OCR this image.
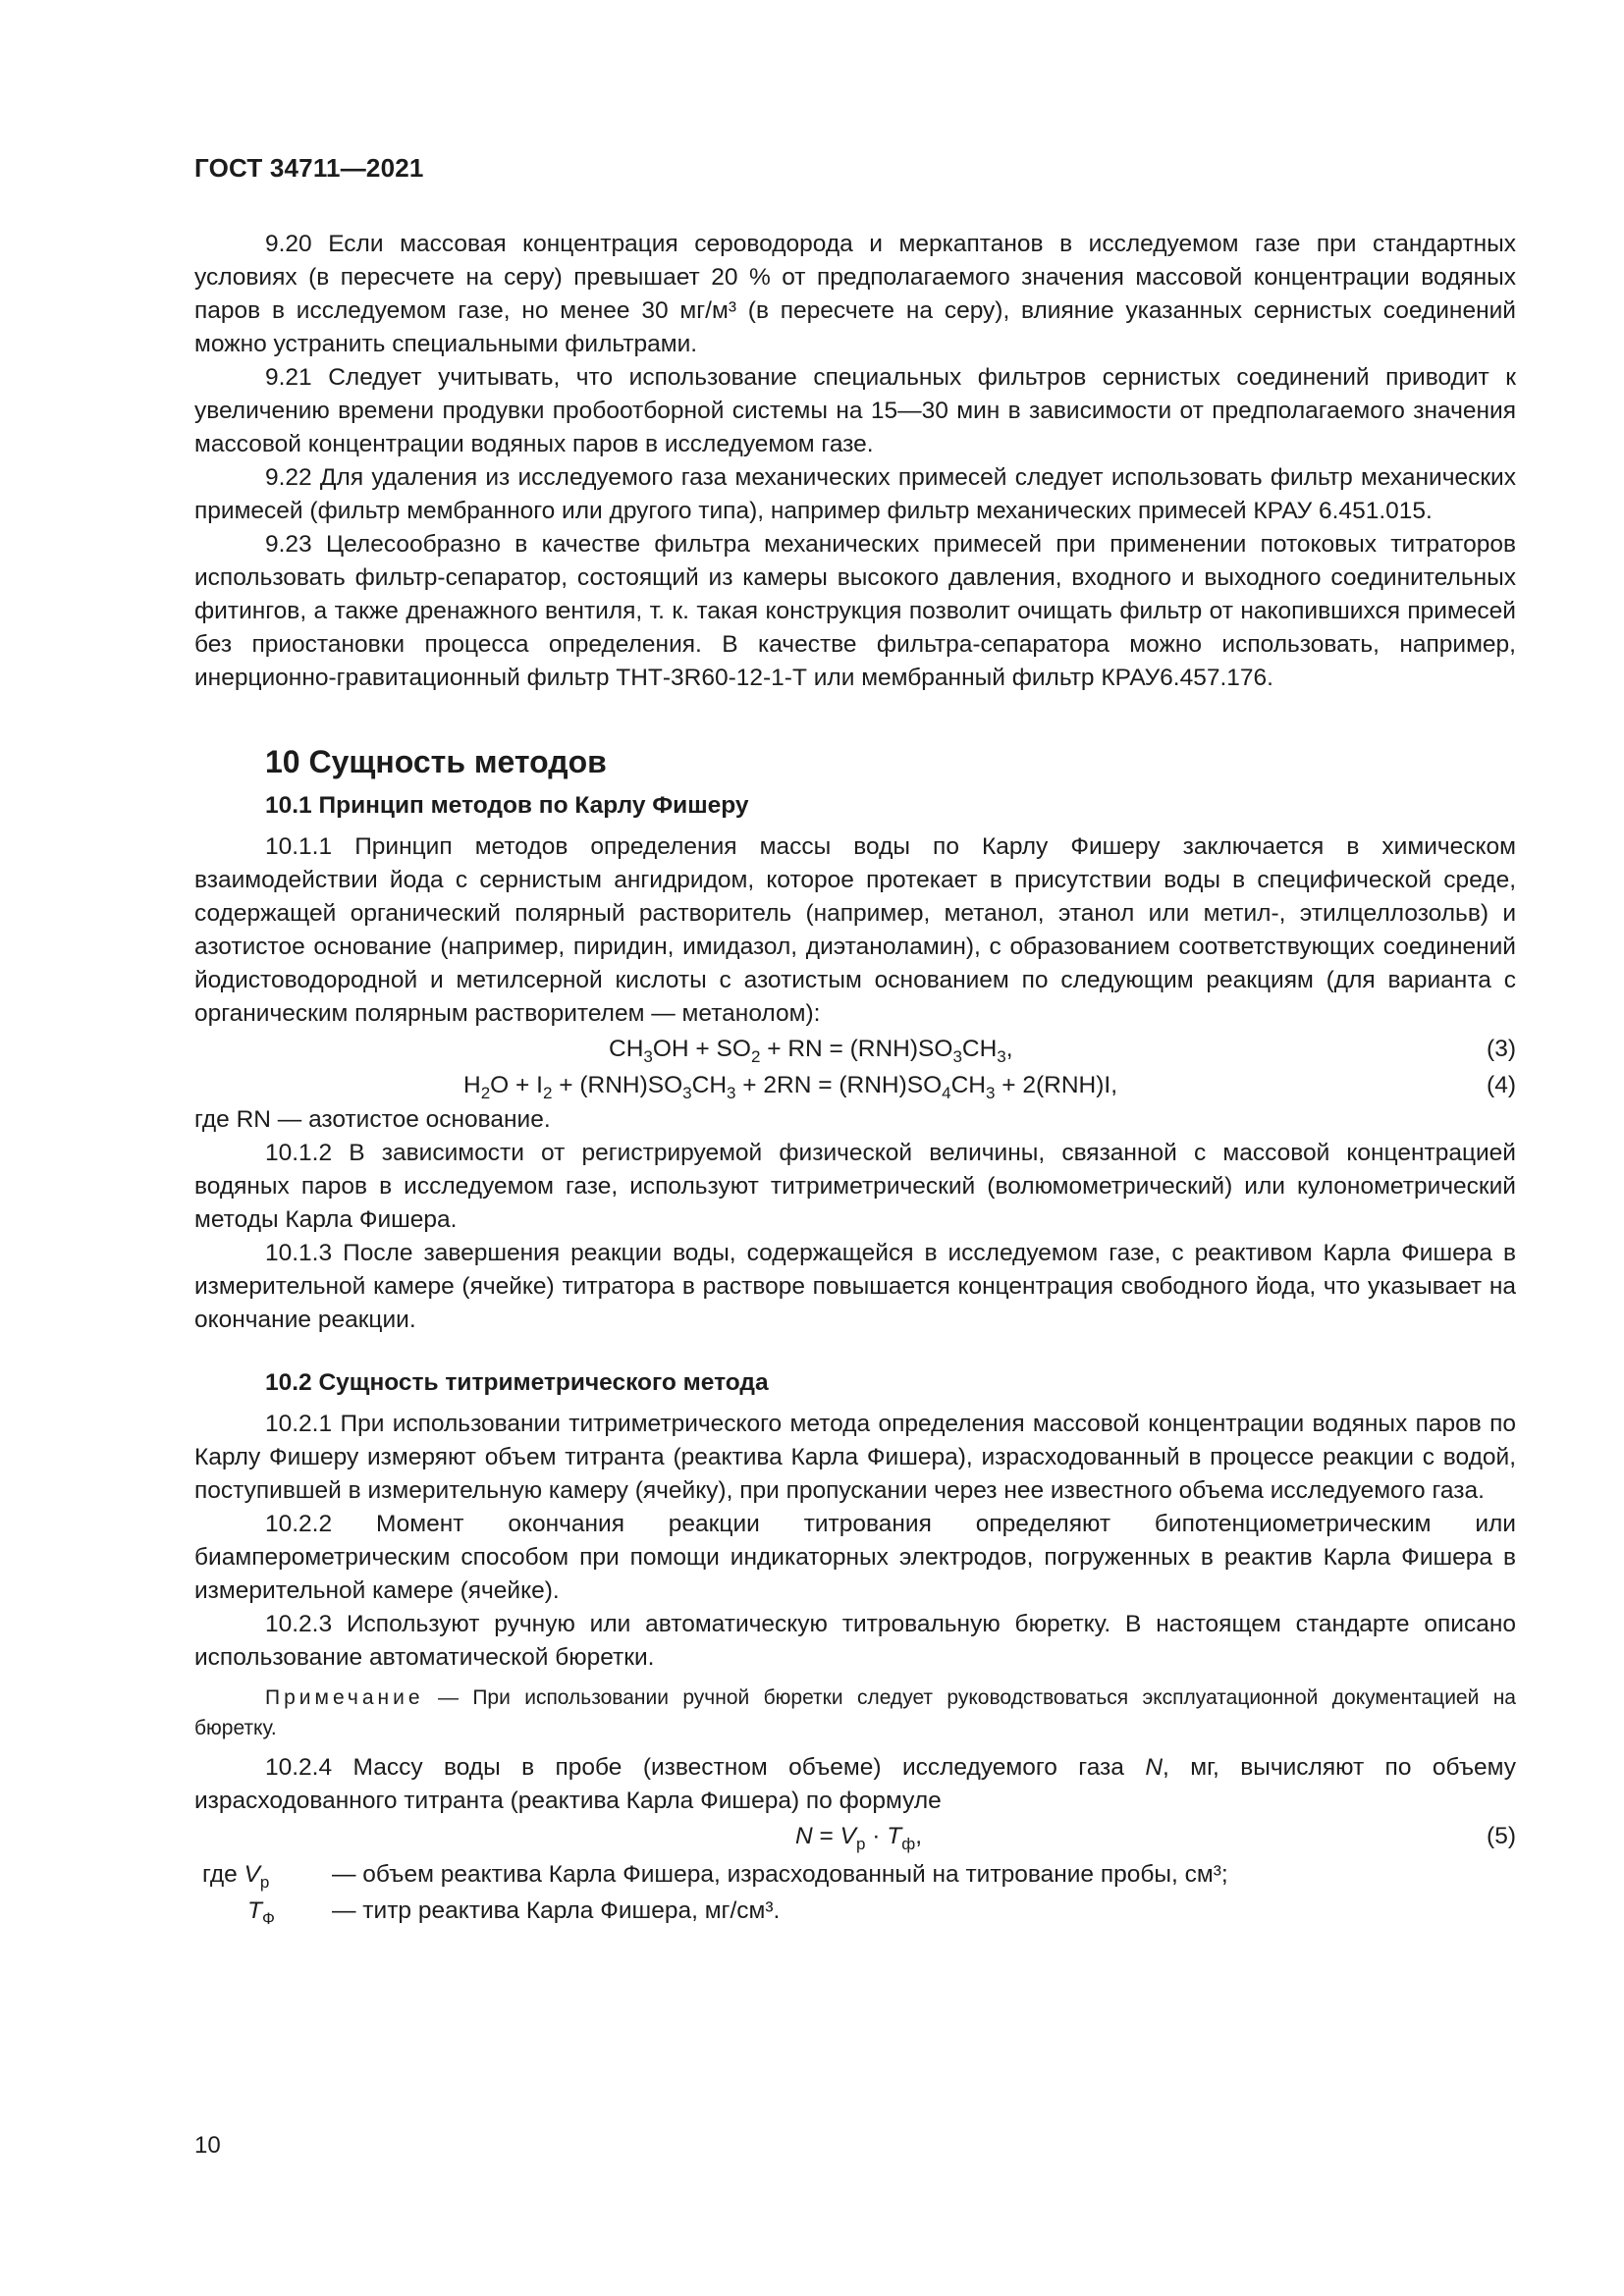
ГОСТ 34711—2021

9.20 Если массовая концентрация сероводорода и меркаптанов в исследуемом газе при стандартных условиях (в пересчете на серу) превышает 20 % от предполагаемого значения массовой концентрации водяных паров в исследуемом газе, но менее 30 мг/м³ (в пересчете на серу), влияние указанных сернистых соединений можно устранить специальными фильтрами.

9.21 Следует учитывать, что использование специальных фильтров сернистых соединений приводит к увеличению времени продувки пробоотборной системы на 15—30 мин в зависимости от предполагаемого значения массовой концентрации водяных паров в исследуемом газе.

9.22 Для удаления из исследуемого газа механических примесей следует использовать фильтр механических примесей (фильтр мембранного или другого типа), например фильтр механических примесей КРАУ 6.451.015.

9.23 Целесообразно в качестве фильтра механических примесей при применении потоковых титраторов использовать фильтр-сепаратор, состоящий из камеры высокого давления, входного и выходного соединительных фитингов, а также дренажного вентиля, т. к. такая конструкция позволит очищать фильтр от накопившихся примесей без приостановки процесса определения. В качестве фильтра-сепаратора можно использовать, например, инерционно-гравитационный фильтр ТНТ-3R60-12-1-Т или мембранный фильтр КРАУ6.457.176.

10 Сущность методов
10.1 Принцип методов по Карлу Фишеру

10.1.1 Принцип методов определения массы воды по Карлу Фишеру заключается в химическом взаимодействии йода с сернистым ангидридом, которое протекает в присутствии воды в специфической среде, содержащей органический полярный растворитель (например, метанол, этанол или метил-, этилцеллозольв) и азотистое основание (например, пиридин, имидазол, диэтаноламин), с образованием соответствующих соединений йодистоводородной и метилсерной кислоты с азотистым основанием по следующим реакциям (для варианта с органическим полярным растворителем — метанолом):

$CH_3OH + SO_2$ + RN = $(RNH)SO_3CH_3$,	(3)
$H_2O + I_2 + (RNH)SO_3CH_3 + 2RN = (RNH)SO_4CH_3 + 2(RNH)I$,	(4)

где RN — азотистое основание.

10.1.2 В зависимости от регистрируемой физической величины, связанной с массовой концентрацией водяных паров в исследуемом газе, используют титриметрический (волюмометрический) или кулонометрический методы Карла Фишера.

10.1.3 После завершения реакции воды, содержащейся в исследуемом газе, с реактивом Карла Фишера в измерительной камере (ячейке) титратора в растворе повышается концентрация свободного йода, что указывает на окончание реакции.

10.2 Сущность титриметрического метода

10.2.1 При использовании титриметрического метода определения массовой концентрации водяных паров по Карлу Фишеру измеряют объем титранта (реактива Карла Фишера), израсходованный в процессе реакции с водой, поступившей в измерительную камеру (ячейку), при пропускании через нее известного объема исследуемого газа.

10.2.2 Момент окончания реакции титрования определяют бипотенциометрическим или биамперометрическим способом при помощи индикаторных электродов, погруженных в реактив Карла Фишера в измерительной камере (ячейке).

10.2.3 Используют ручную или автоматическую титровальную бюретку. В настоящем стандарте описано использование автоматической бюретки.

Примечание — При использовании ручной бюретки следует руководствоваться эксплуатационной документацией на бюретку.

10.2.4 Массу воды в пробе (известном объеме) исследуемого газа N, мг, вычисляют по объему израсходованного титранта (реактива Карла Фишера) по формуле

$N = V_р \cdot T_ф$,	(5)
где $V_р$	— объем реактива Карла Фишера, израсходованный на титрование пробы, см³;
$T_Ф$ — титр реактива Карла Фишера, мг/см³.
10
